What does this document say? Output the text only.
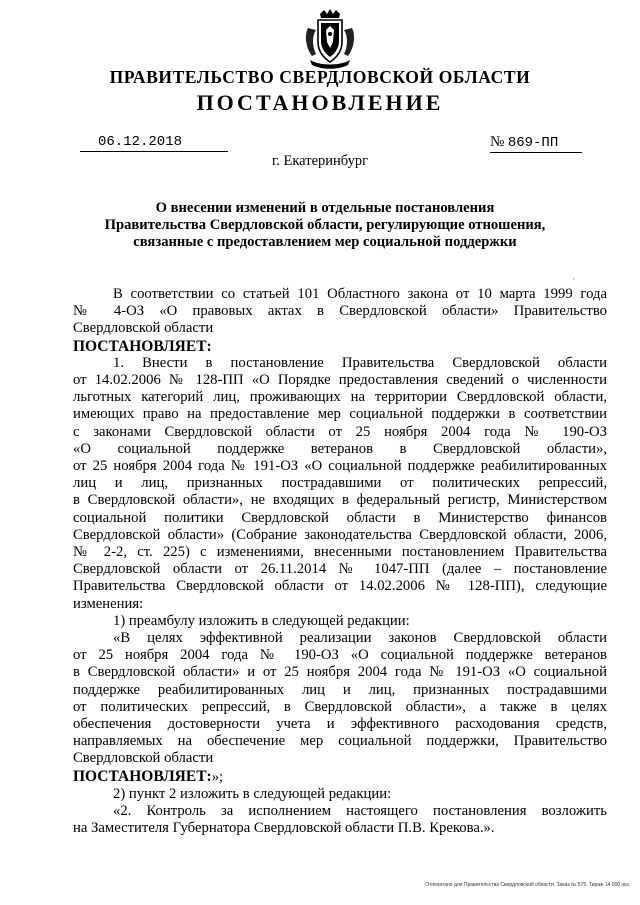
ПРАВИТЕЛЬСТВО СВЕРДЛОВСКОЙ ОБЛАСТИ
ПОСТАНОВЛЕНИЕ
06.12.2018	№ 869-ПП
г. Екатеринбург
О внесении изменений в отдельные постановления
Правительства Свердловской области, регулирующие отношения,
связанные с предоставлением мер социальной поддержки
,

В соответствии со статьей 101 Областного закона от 10 марта 1999 года

№ 4-ОЗ «О правовых актах в Свердловской области» Правительство

Свердловской области

ПОСТАНОВЛЯЕТ:

1. Внести в постановление Правительства Свердловской области

от 14.02.2006 № 128-ПП «О Порядке предоставления сведений о численности

льготных категорий лиц, проживающих на территории Свердловской области,

имеющих право на предоставление мер социальной поддержки в соответствии

с законами Свердловской области от 25 ноября 2004 года № 190-ОЗ

«О социальной поддержке ветеранов в Свердловской области»,

от 25 ноября 2004 года № 191-ОЗ «О социальной поддержке реабилитированных

лиц и лиц, признанных пострадавшими от политических репрессий,

в Свердловской области», не входящих в федеральный регистр, Министерством

социальной политики Свердловской области в Министерство финансов

Свердловской области» (Собрание законодательства Свердловской области, 2006,

№ 2-2, ст. 225) с изменениями, внесенными постановлением Правительства

Свердловской области от 26.11.2014 № 1047-ПП (далее – постановление

Правительства Свердловской области от 14.02.2006 № 128-ПП), следующие

изменения:

1) преамбулу изложить в следующей редакции:

«В целях эффективной реализации законов Свердловской области

от 25 ноября 2004 года № 190-ОЗ «О социальной поддержке ветеранов

в Свердловской области» и от 25 ноября 2004 года № 191-ОЗ «О социальной

поддержке реабилитированных лиц и лиц, признанных пострадавшими

от политических репрессий, в Свердловской области», а также в целях

обеспечения достоверности учета и эффективного расходования средств,

направляемых на обеспечение мер социальной поддержки, Правительство

Свердловской области

ПОСТАНОВЛЯЕТ:»;

2) пункт 2 изложить в следующей редакции:

«2. Контроль за исполнением настоящего постановления возложить

на Заместителя Губернатора Свердловской области П.В. Крекова.».

Отпечатано для Правительства Свердловской области. Заказ № 575. Тираж 14 000 экз.
